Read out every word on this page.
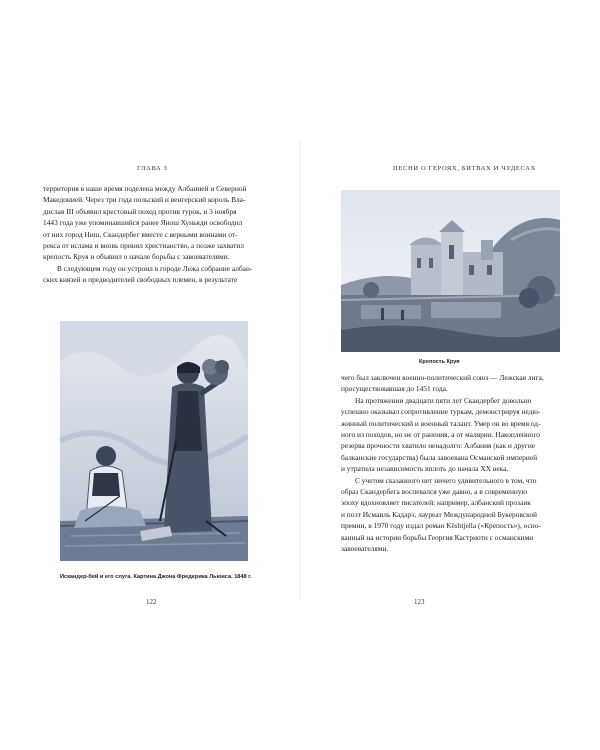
ГЛАВА 3
территория в наше время поделена между Албанией и Северной
Македонией. Через три года польский и венгерский король Вла-
дислав III объявил крестовый поход против турок, и 3 ноября
1443 года уже упоминавшийся ранее Янош Хуньяди освободил
от них город Ниш. Скандербег вместе с верными воинами от-
рекса от ислама и вновь принял христианство, а позже захватил
крепость Круя и объявил о начале борьбы с завоевателями.
В следующем году он устроил в городе Лежа собрание албан-
ских князей и предводителей свободных племен, в результате
Искандер-бей и его слуга. Картина Джона Фредерика Льюиса. 1848 г.
122
ПЕСНИ О ГЕРОЯХ, БИТВАХ И ЧУДЕСАХ
Крепость Круя
чего был заключен военно-политический союз — Лежская лига,
просуществовавшая до 1451 года.
На протяжении двадцати пяти лет Скандербег довольно
успешно оказывал сопротивление туркам, демонстрируя недю-
жинный политический и военный талант. Умер он во время од-
ного из походов, но не от ранения, а от малярии. Накопленного
резерва прочности хватило ненадолго: Албания (как и другие
балканские государства) была завоевана Османской империей
и утратила независимость вплоть до начала XX века.
С учетом сказанного нет ничего удивительного в том, что
образ Скандербега воспевался уже давно, а в современную
эпоху вдохновляет писателей: например, албанский прозаик
и поэт Исмаиль Кадарэ, лауреат Международной Букеровской
премии, в 1970 году издал роман Kështjella («Крепость»), осно-
ванный на истории борьбы Георгия Кастриоти с османскими
завоевателями.
123
